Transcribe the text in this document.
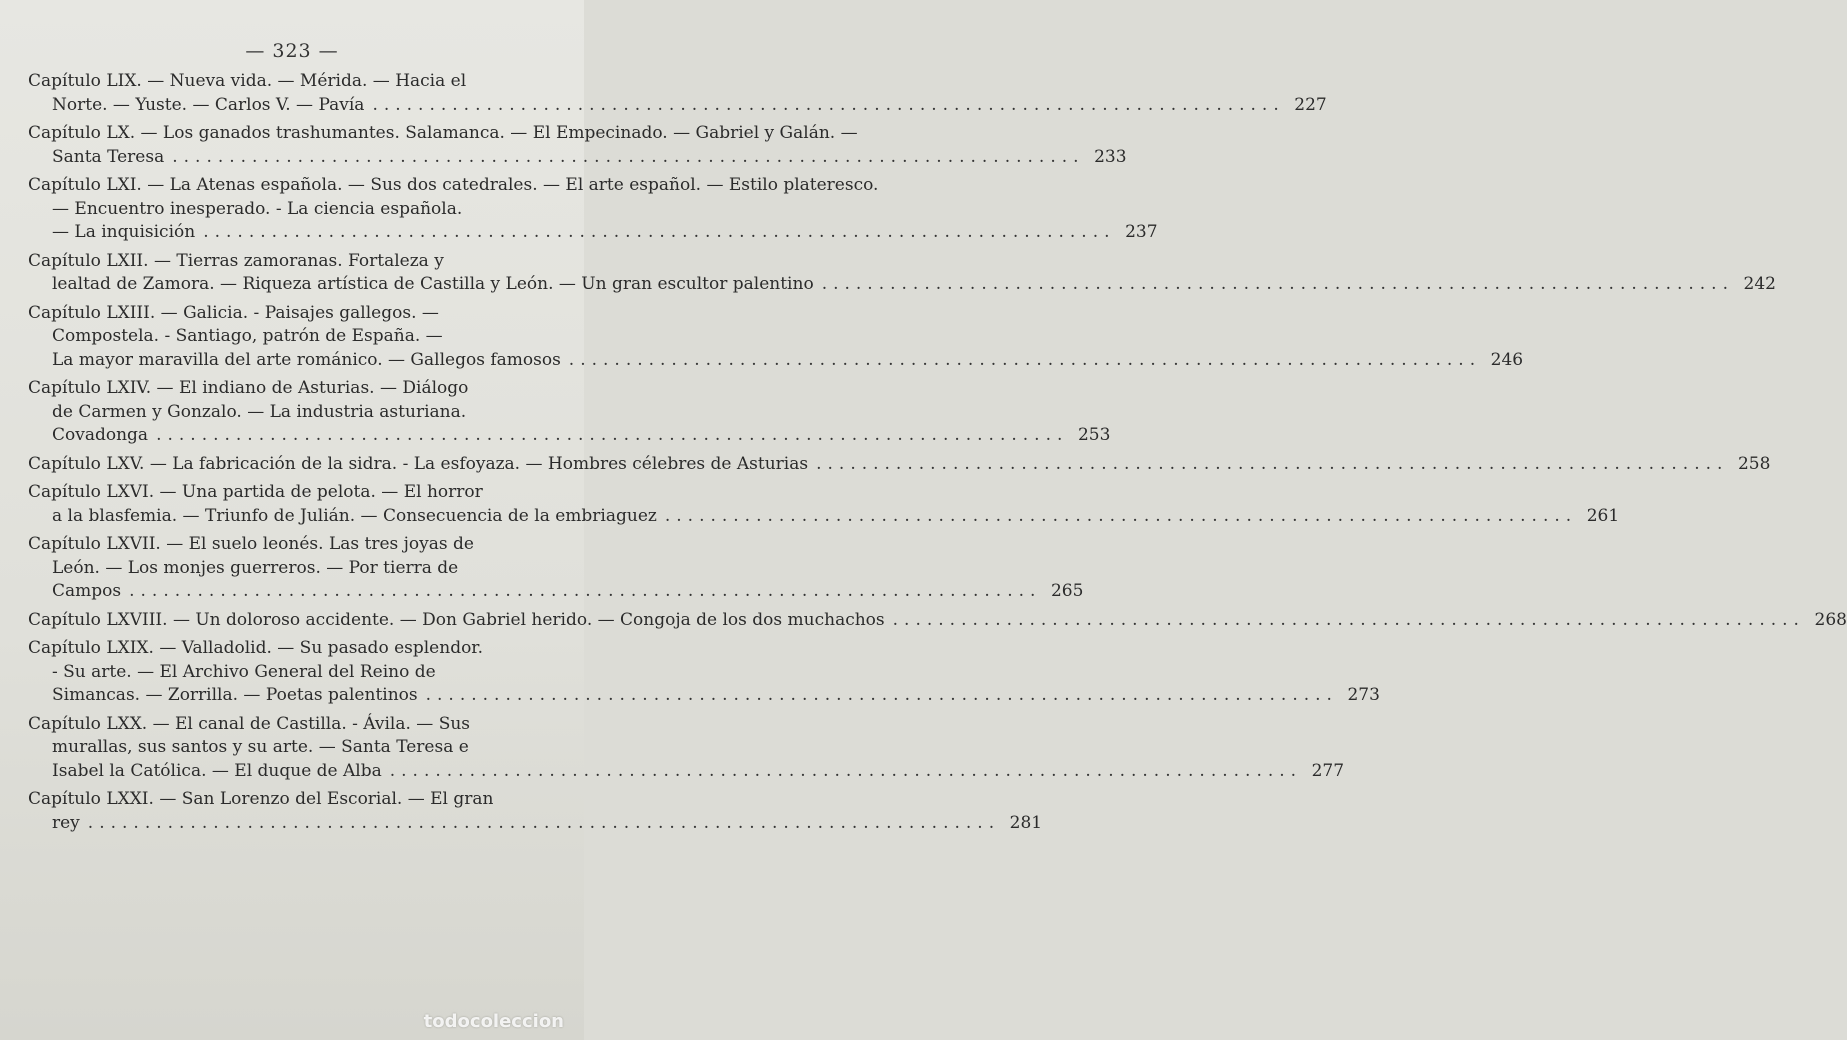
— 323 —
Capítulo LIX. — Nueva vida. — Mérida. — Hacia el
Norte. — Yuste. — Carlos V. — Pavía ................................................................................ 227
Capítulo LX. — Los ganados trashumantes. Salamanca. — El Empecinado. — Gabriel y Galán. —
Santa Teresa ................................................................................ 233
Capítulo LXI. — La Atenas española. — Sus dos catedrales. — El arte español. — Estilo plateresco.
— Encuentro inesperado. - La ciencia española.
— La inquisición ................................................................................ 237
Capítulo LXII. — Tierras zamoranas. Fortaleza y
lealtad de Zamora. — Riqueza artística de Castilla y León. — Un gran escultor palentino ................................................................................ 242
Capítulo LXIII. — Galicia. - Paisajes gallegos. —
Compostela. - Santiago, patrón de España. —
La mayor maravilla del arte románico. — Gallegos famosos ................................................................................ 246
Capítulo LXIV. — El indiano de Asturias. — Diálogo
de Carmen y Gonzalo. — La industria asturiana.
Covadonga ................................................................................ 253
Capítulo LXV. — La fabricación de la sidra. - La esfoyaza. — Hombres célebres de Asturias ................................................................................ 258
Capítulo LXVI. — Una partida de pelota. — El horror
a la blasfemia. — Triunfo de Julián. — Consecuencia de la embriaguez ................................................................................ 261
Capítulo LXVII. — El suelo leonés. Las tres joyas de
León. — Los monjes guerreros. — Por tierra de
Campos ................................................................................ 265
Capítulo LXVIII. — Un doloroso accidente. — Don Gabriel herido. — Congoja de los dos muchachos ................................................................................ 268
Capítulo LXIX. — Valladolid. — Su pasado esplendor.
- Su arte. — El Archivo General del Reino de
Simancas. — Zorrilla. — Poetas palentinos ................................................................................ 273
Capítulo LXX. — El canal de Castilla. - Ávila. — Sus
murallas, sus santos y su arte. — Santa Teresa e
Isabel la Católica. — El duque de Alba ................................................................................ 277
Capítulo LXXI. — San Lorenzo del Escorial. — El gran
rey ................................................................................ 281
todocoleccion
